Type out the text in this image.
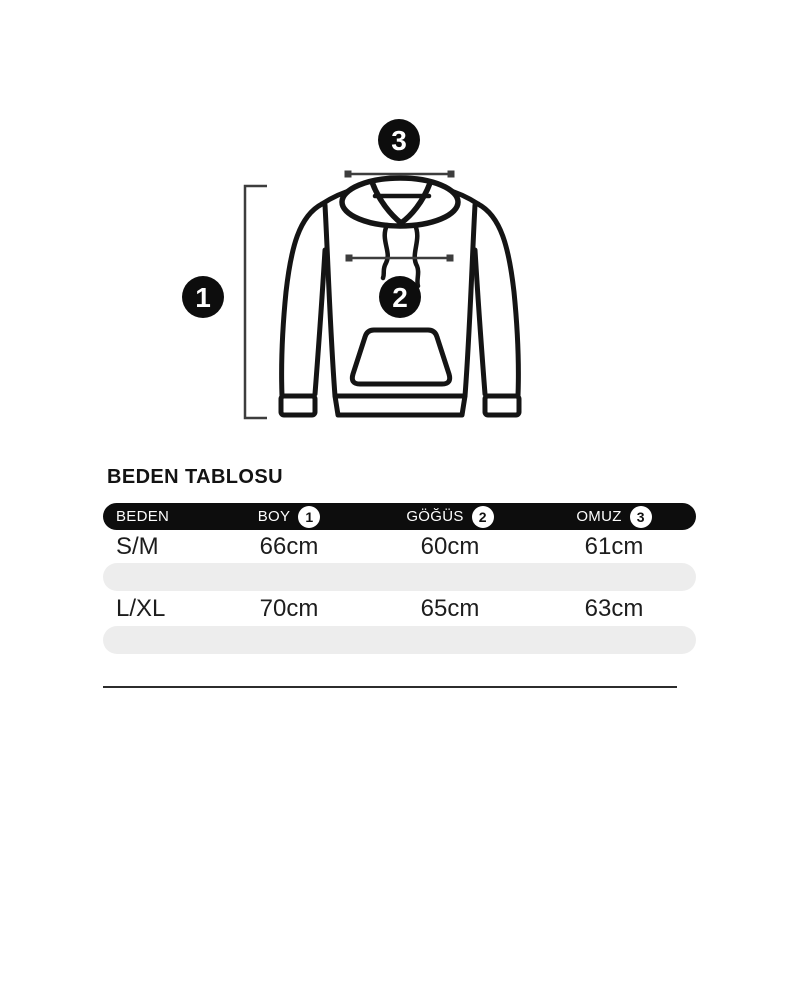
1	2
3
BEDEN TABLOSU
BEDEN	BOY	1	GÖĞÜS	2	OMUZ	3
S/M	66cm	60cm	61cm
L/XL	70cm	65cm	63cm
